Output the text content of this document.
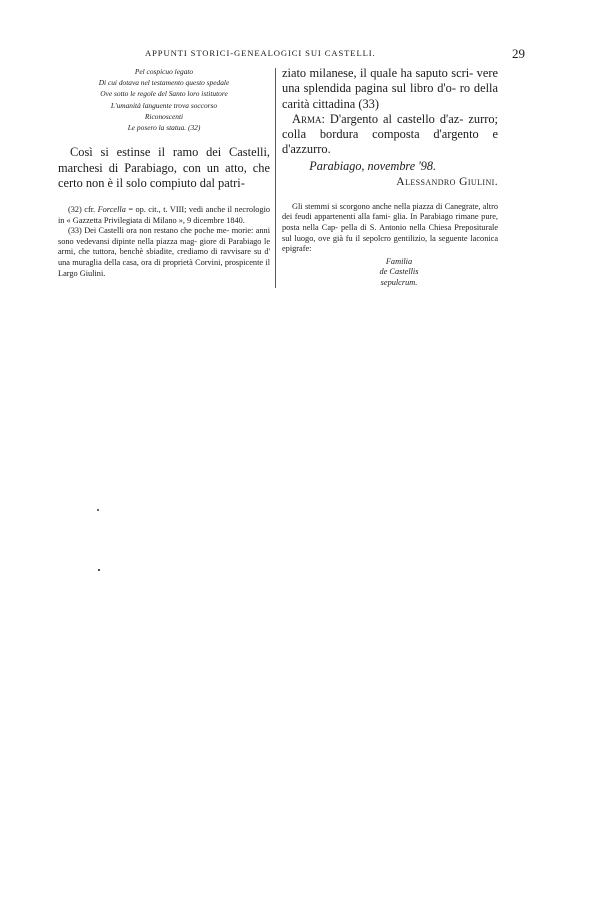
APPUNTI STORICI-GENEALOGICI SUI CASTELLI.	29
Pel cospicuo legato
Di cui dotava nel testamento questo spedale
Ove sotto le regole del Santo loro istitutore
L'umanità languente trova soccorso
Riconoscenti
Le posero la statua. (32)
Così si estinse il ramo dei Castelli, marchesi di Parabiago, con un atto, che certo non è il solo compiuto dal patri-

(32) cfr. Forcella = op. cit., t. VIII; vedi anche il necrologio in « Gazzetta Privilegiata di Milano », 9 dicembre 1840.

(33) Dei Castelli ora non restano che poche me- morie: anni sono vedevansi dipinte nella piazza mag- giore di Parabiago le armi, che tuttora, benchè sbiadite, crediamo di ravvisare su d' una muraglia della casa, ora di proprietà Corvini, prospicente il Largo Giulini.

ziato milanese, il quale ha saputo scri- vere una splendida pagina sul libro d'o- ro della carità cittadina (33)
Arma: D'argento al castello d'az- zurro; colla bordura composta d'argento e d'azzurro.
Parabiago, novembre '98.
Alessandro Giulini.

Gli stemmi si scorgono anche nella piazza di Canegrate, altro dei feudi appartenenti alla fami- glia. In Parabiago rimane pure, posta nella Cap- pella di S. Antonio nella Chiesa Prepositurale sul luogo, ove già fu il sepolcro gentilizio, la seguente laconica epigrafe:

Familia
de Castellis
sepulcrum.
